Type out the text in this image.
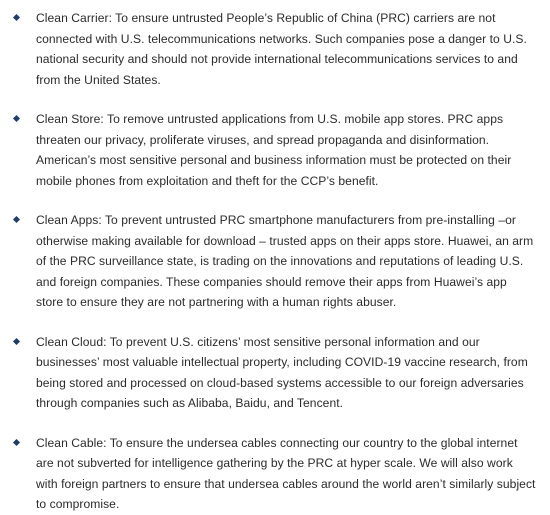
Clean Carrier: To ensure untrusted People’s Republic of China (PRC) carriers are not connected with U.S. telecommunications networks. Such companies pose a danger to U.S. national security and should not provide international telecommunications services to and from the United States.
Clean Store: To remove untrusted applications from U.S. mobile app stores. PRC apps threaten our privacy, proliferate viruses, and spread propaganda and disinformation. American’s most sensitive personal and business information must be protected on their mobile phones from exploitation and theft for the CCP’s benefit.
Clean Apps: To prevent untrusted PRC smartphone manufacturers from pre-installing –or otherwise making available for download – trusted apps on their apps store. Huawei, an arm of the PRC surveillance state, is trading on the innovations and reputations of leading U.S. and foreign companies. These companies should remove their apps from Huawei’s app store to ensure they are not partnering with a human rights abuser.
Clean Cloud: To prevent U.S. citizens’ most sensitive personal information and our businesses’ most valuable intellectual property, including COVID-19 vaccine research, from being stored and processed on cloud-based systems accessible to our foreign adversaries through companies such as Alibaba, Baidu, and Tencent.
Clean Cable: To ensure the undersea cables connecting our country to the global internet are not subverted for intelligence gathering by the PRC at hyper scale. We will also work with foreign partners to ensure that undersea cables around the world aren’t similarly subject to compromise.
